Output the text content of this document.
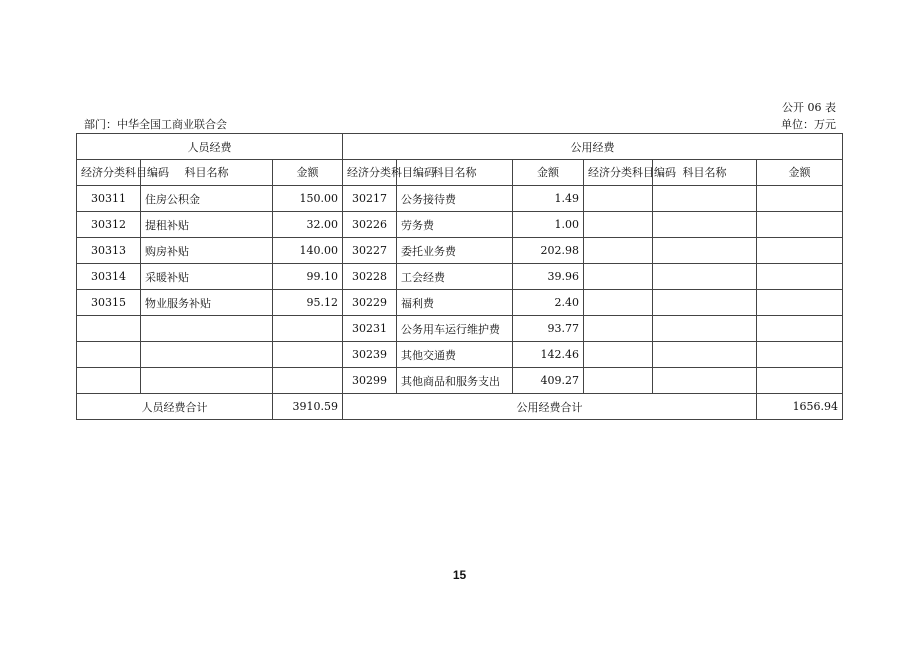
公开 06 表
部门：中华全国工商业联合会	单位：万元
人员经费			公用经费					
经济分类科目编码	科目名称	金额	经济分类科目编码	科目名称	金额	经济分类科目编码	科目名称	金额
30311	住房公积金	150.00	30217	公务接待费	1.49			
30312	提租补贴	32.00	30226	劳务费	1.00			
30313	购房补贴	140.00	30227	委托业务费	202.98			
30314	采暖补贴	99.10	30228	工会经费	39.96			
30315	物业服务补贴	95.12	30229	福利费	2.40			
			30231	公务用车运行维护费	93.77			
			30239	其他交通费	142.46			
			30299	其他商品和服务支出	409.27			
人员经费合计		3910.59	公用经费合计					1656.94
15
